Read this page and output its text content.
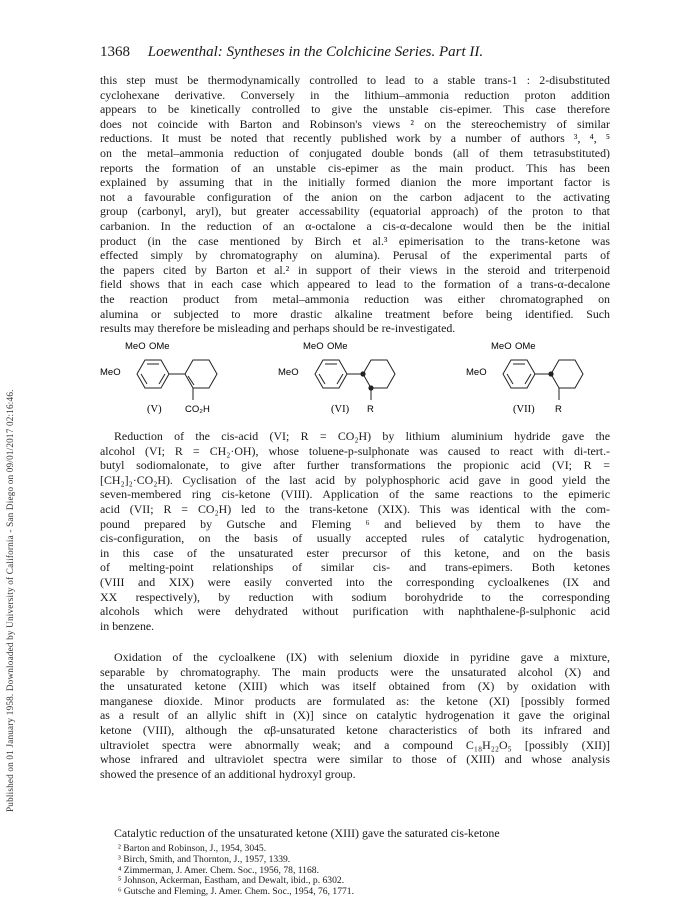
Published on 01 January 1958. Downloaded by University of California - San Diego on 09/01/2017 02:16:46.
1368 Loewenthal: Syntheses in the Colchicine Series. Part II.
this step must be thermodynamically controlled to lead to a stable trans-1 : 2-disubstituted
cyclohexane derivative. Conversely in the lithium–ammonia reduction proton addition
appears to be kinetically controlled to give the unstable cis-epimer. This case therefore
does not coincide with Barton and Robinson's views ² on the stereochemistry of similar
reductions. It must be noted that recently published work by a number of authors ³, ⁴, ⁵
on the metal–ammonia reduction of conjugated double bonds (all of them tetrasubstituted)
reports the formation of an unstable cis-epimer as the main product. This has been
explained by assuming that in the initially formed dianion the more important factor is
not a favourable configuration of the anion on the carbon adjacent to the activating
group (carbonyl, aryl), but greater accessability (equatorial approach) of the proton to that
carbanion. In the reduction of an α-octalone a cis-α-decalone would then be the initial
product (in the case mentioned by Birch et al.³ epimerisation to the trans-ketone was
effected simply by chromatography on alumina). Perusal of the experimental parts of
the papers cited by Barton et al.² in support of their views in the steroid and triterpenoid
field shows that in each case which appeared to lead to the formation of a trans-α-decalone
the reaction product from metal–ammonia reduction was either chromatographed on
alumina or subjected to more drastic alkaline treatment before being identified. Such
results may therefore be misleading and perhaps should be re-investigated.
MeO OMe
MeO
CO₂H
(V)
MeO OMe
MeO
R
(VI)
MeO OMe
MeO
R
(VII)
Reduction of the cis-acid (VI; R = CO₂H) by lithium aluminium hydride gave the
alcohol (VI; R = CH₂·OH), whose toluene-p-sulphonate was caused to react with di-tert.-
butyl sodiomalonate, to give after further transformations the propionic acid (VI; R =
[CH₂]₂·CO₂H). Cyclisation of the last acid by polyphosphoric acid gave in good yield the
seven-membered ring cis-ketone (VIII). Application of the same reactions to the epimeric
acid (VII; R = CO₂H) led to the trans-ketone (XIX). This was identical with the com-
pound prepared by Gutsche and Fleming ⁶ and believed by them to have the
cis-configuration, on the basis of usually accepted rules of catalytic hydrogenation,
in this case of the unsaturated ester precursor of this ketone, and on the basis
of melting-point relationships of similar cis- and trans-epimers. Both ketones
(VIII and XIX) were easily converted into the corresponding cycloalkenes (IX and
XX respectively), by reduction with sodium borohydride to the corresponding
alcohols which were dehydrated without purification with naphthalene-β-sulphonic acid
in benzene.
Oxidation of the cycloalkene (IX) with selenium dioxide in pyridine gave a mixture,
separable by chromatography. The main products were the unsaturated alcohol (X) and
the unsaturated ketone (XIII) which was itself obtained from (X) by oxidation with
manganese dioxide. Minor products are formulated as: the ketone (XI) [possibly formed
as a result of an allylic shift in (X)] since on catalytic hydrogenation it gave the original
ketone (VIII), although the αβ-unsaturated ketone characteristics of both its infrared and
ultraviolet spectra were abnormally weak; and a compound C₁₈H₂₂O₅ [possibly (XII)]
whose infrared and ultraviolet spectra were similar to those of (XIII) and whose analysis
showed the presence of an additional hydroxyl group.
Catalytic reduction of the unsaturated ketone (XIII) gave the saturated cis-ketone
² Barton and Robinson, J., 1954, 3045.
³ Birch, Smith, and Thornton, J., 1957, 1339.
⁴ Zimmerman, J. Amer. Chem. Soc., 1956, 78, 1168.
⁵ Johnson, Ackerman, Eastham, and Dewalt, ibid., p. 6302.
⁶ Gutsche and Fleming, J. Amer. Chem. Soc., 1954, 76, 1771.
